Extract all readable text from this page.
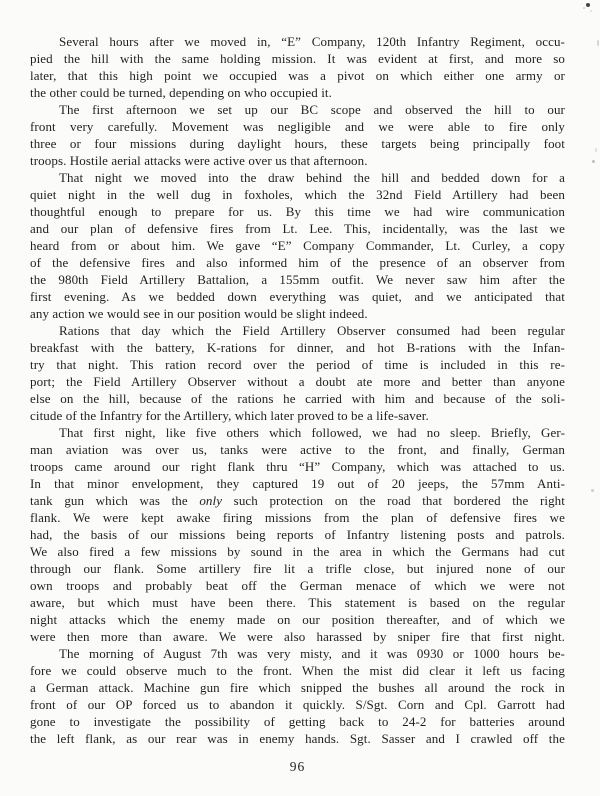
Several hours after we moved in, “E” Company, 120th Infantry Regiment, occu-
pied the hill with the same holding mission. It was evident at first, and more so
later, that this high point we occupied was a pivot on which either one army or
the other could be turned, depending on who occupied it.
The first afternoon we set up our BC scope and observed the hill to our
front very carefully. Movement was negligible and we were able to fire only
three or four missions during daylight hours, these targets being principally foot
troops. Hostile aerial attacks were active over us that afternoon.
That night we moved into the draw behind the hill and bedded down for a
quiet night in the well dug in foxholes, which the 32nd Field Artillery had been
thoughtful enough to prepare for us. By this time we had wire communication
and our plan of defensive fires from Lt. Lee. This, incidentally, was the last we
heard from or about him. We gave “E” Company Commander, Lt. Curley, a copy
of the defensive fires and also informed him of the presence of an observer from
the 980th Field Artillery Battalion, a 155mm outfit. We never saw him after the
first evening. As we bedded down everything was quiet, and we anticipated that
any action we would see in our position would be slight indeed.
Rations that day which the Field Artillery Observer consumed had been regular
breakfast with the battery, K-rations for dinner, and hot B-rations with the Infan-
try that night. This ration record over the period of time is included in this re-
port; the Field Artillery Observer without a doubt ate more and better than anyone
else on the hill, because of the rations he carried with him and because of the soli-
citude of the Infantry for the Artillery, which later proved to be a life-saver.
That first night, like five others which followed, we had no sleep. Briefly, Ger-
man aviation was over us, tanks were active to the front, and finally, German
troops came around our right flank thru “H” Company, which was attached to us.
In that minor envelopment, they captured 19 out of 20 jeeps, the 57mm Anti-
tank gun which was the only such protection on the road that bordered the right
flank. We were kept awake firing missions from the plan of defensive fires we
had, the basis of our missions being reports of Infantry listening posts and patrols.
We also fired a few missions by sound in the area in which the Germans had cut
through our flank. Some artillery fire lit a trifle close, but injured none of our
own troops and probably beat off the German menace of which we were not
aware, but which must have been there. This statement is based on the regular
night attacks which the enemy made on our position thereafter, and of which we
were then more than aware. We were also harassed by sniper fire that first night.
The morning of August 7th was very misty, and it was 0930 or 1000 hours be-
fore we could observe much to the front. When the mist did clear it left us facing
a German attack. Machine gun fire which snipped the bushes all around the rock in
front of our OP forced us to abandon it quickly. S/Sgt. Corn and Cpl. Garrott had
gone to investigate the possibility of getting back to 24-2 for batteries around
the left flank, as our rear was in enemy hands. Sgt. Sasser and I crawled off the
96
